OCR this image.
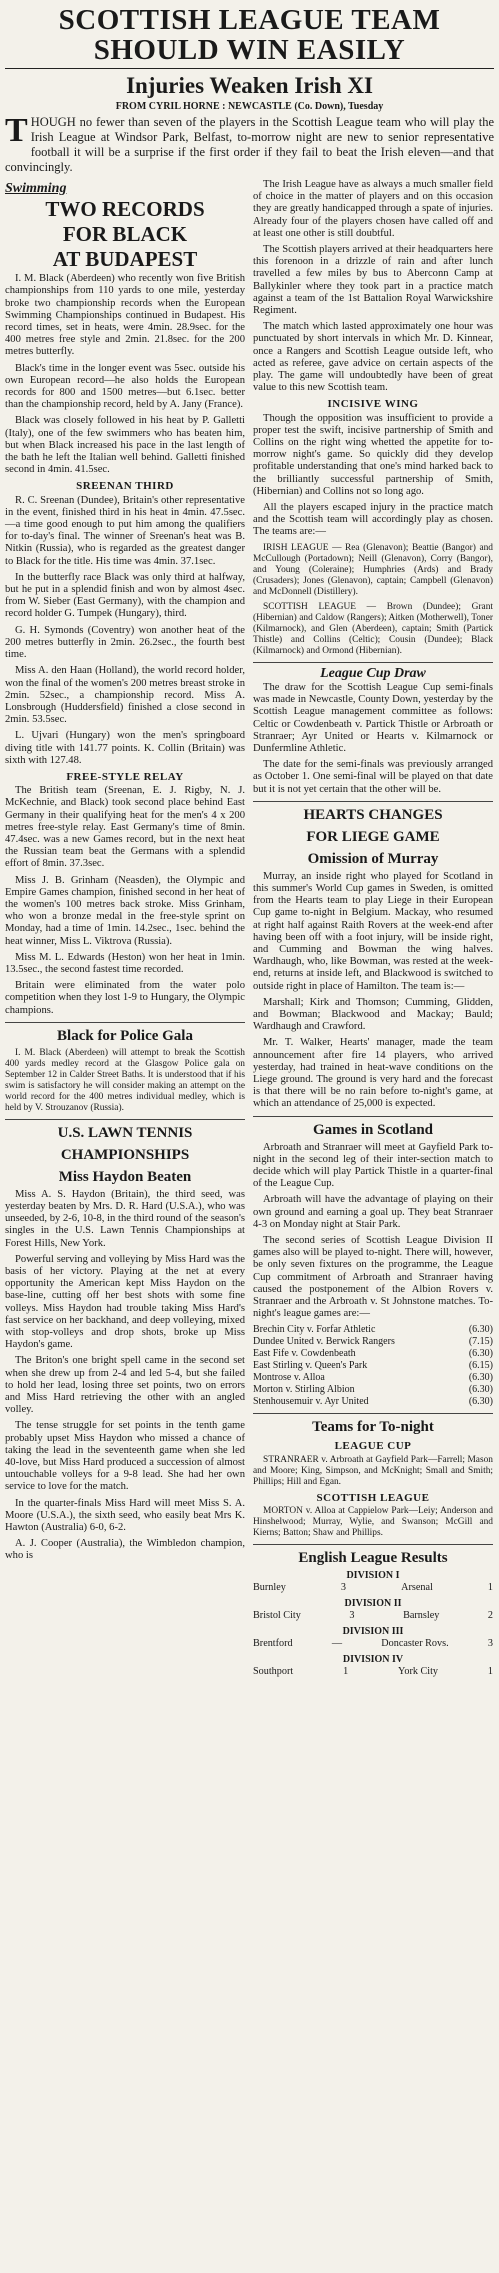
SCOTTISH LEAGUE TEAM
SHOULD WIN EASILY
Injuries Weaken Irish XI
FROM CYRIL HORNE : NEWCASTLE (Co. Down), Tuesday

THOUGH no fewer than seven of the players in the Scottish League team who will play the Irish League at Windsor Park, Belfast, to-morrow night are new to senior representative football it will be a surprise if the first order if they fail to beat the Irish eleven—and that convincingly.

Swimming
TWO RECORDS
FOR BLACK
AT BUDAPEST

I. M. Black (Aberdeen) who recently won five British championships from 110 yards to one mile, yesterday broke two championship records when the European Swimming Championships continued in Budapest. His record times, set in heats, were 4min. 28.9sec. for the 400 metres free style and 2min. 21.8sec. for the 200 metres butterfly.

Black's time in the longer event was 5sec. outside his own European record—he also holds the European records for 800 and 1500 metres—but 6.1sec. better than the championship record, held by A. Jany (France).

Black was closely followed in his heat by P. Galletti (Italy), one of the few swimmers who has beaten him, but when Black increased his pace in the last length of the bath he left the Italian well behind. Galletti finished second in 4min. 41.5sec.

SREENAN THIRD

R. C. Sreenan (Dundee), Britain's other representative in the event, finished third in his heat in 4min. 47.5sec.—a time good enough to put him among the qualifiers for to-day's final. The winner of Sreenan's heat was B. Nitkin (Russia), who is regarded as the greatest danger to Black for the title. His time was 4min. 37.1sec.

In the butterfly race Black was only third at halfway, but he put in a splendid finish and won by almost 4sec. from W. Sieber (East Germany), with the champion and record holder G. Tumpek (Hungary), third.

G. H. Symonds (Coventry) won another heat of the 200 metres butterfly in 2min. 26.2sec., the fourth best time.

Miss A. den Haan (Holland), the world record holder, won the final of the women's 200 metres breast stroke in 2min. 52sec., a championship record. Miss A. Lonsbrough (Huddersfield) finished a close second in 2min. 53.5sec.

L. Ujvari (Hungary) won the men's springboard diving title with 141.77 points. K. Collin (Britain) was sixth with 127.48.

FREE-STYLE RELAY

The British team (Sreenan, E. J. Rigby, N. J. McKechnie, and Black) took second place behind East Germany in their qualifying heat for the men's 4 x 200 metres free-style relay. East Germany's time of 8min. 47.4sec. was a new Games record, but in the next heat the Russian team beat the Germans with a splendid effort of 8min. 37.3sec.

Miss J. B. Grinham (Neasden), the Olympic and Empire Games champion, finished second in her heat of the women's 100 metres back stroke. Miss Grinham, who won a bronze medal in the free-style sprint on Monday, had a time of 1min. 14.2sec., 1sec. behind the heat winner, Miss L. Viktrova (Russia).

Miss M. L. Edwards (Heston) won her heat in 1min. 13.5sec., the second fastest time recorded.

Britain were eliminated from the water polo competition when they lost 1-9 to Hungary, the Olympic champions.

Black for Police Gala

I. M. Black (Aberdeen) will attempt to break the Scottish 400 yards medley record at the Glasgow Police gala on September 12 in Calder Street Baths. It is understood that if his swim is satisfactory he will consider making an attempt on the world record for the 400 metres individual medley, which is held by V. Strouzanov (Russia).

U.S. LAWN TENNIS
CHAMPIONSHIPS
Miss Haydon Beaten

Miss A. S. Haydon (Britain), the third seed, was yesterday beaten by Mrs. D. R. Hard (U.S.A.), who was unseeded, by 2-6, 10-8, in the third round of the season's singles in the U.S. Lawn Tennis Championships at Forest Hills, New York.

Powerful serving and volleying by Miss Hard was the basis of her victory. Playing at the net at every opportunity the American kept Miss Haydon on the base-line, cutting off her best shots with some fine volleys. Miss Haydon had trouble taking Miss Hard's fast service on her backhand, and deep volleying, mixed with stop-volleys and drop shots, broke up Miss Haydon's game.

The Briton's one bright spell came in the second set when she drew up from 2-4 and led 5-4, but she failed to hold her lead, losing three set points, two on errors and Miss Hard retrieving the other with an angled volley.

The tense struggle for set points in the tenth game probably upset Miss Haydon who missed a chance of taking the lead in the seventeenth game when she led 40-love, but Miss Hard produced a succession of almost untouchable volleys for a 9-8 lead. She had her own service to love for the match.

In the quarter-finals Miss Hard will meet Miss S. A. Moore (U.S.A.), the sixth seed, who easily beat Mrs K. Hawton (Australia) 6-0, 6-2.

A. J. Cooper (Australia), the Wimbledon champion, who is

The Irish League have as always a much smaller field of choice in the matter of players and on this occasion they are greatly handicapped through a spate of injuries. Already four of the players chosen have called off and at least one other is still doubtful.

The Scottish players arrived at their headquarters here this forenoon in a drizzle of rain and after lunch travelled a few miles by bus to Aberconn Camp at Ballykinler where they took part in a practice match against a team of the 1st Battalion Royal Warwickshire Regiment.

The match which lasted approximately one hour was punctuated by short intervals in which Mr. D. Kinnear, once a Rangers and Scottish League outside left, who acted as referee, gave advice on certain aspects of the play. The game will undoubtedly have been of great value to this new Scottish team.

INCISIVE WING

Though the opposition was insufficient to provide a proper test the swift, incisive partnership of Smith and Collins on the right wing whetted the appetite for to-morrow night's game. So quickly did they develop profitable understanding that one's mind harked back to the brilliantly successful partnership of Smith, (Hibernian) and Collins not so long ago.

All the players escaped injury in the practice match and the Scottish team will accordingly play as chosen. The teams are:—

IRISH LEAGUE — Rea (Glenavon); Beattie (Bangor) and McCullough (Portadown); Neill (Glenavon), Corry (Bangor), and Young (Coleraine); Humphries (Ards) and Brady (Crusaders); Jones (Glenavon), captain; Campbell (Glenavon) and McDonnell (Distillery).

SCOTTISH LEAGUE — Brown (Dundee); Grant (Hibernian) and Caldow (Rangers); Aitken (Motherwell), Toner (Kilmarnock), and Glen (Aberdeen), captain; Smith (Partick Thistle) and Collins (Celtic); Cousin (Dundee); Black (Kilmarnock) and Ormond (Hibernian).

League Cup Draw

The draw for the Scottish League Cup semi-finals was made in Newcastle, County Down, yesterday by the Scottish League management committee as follows: Celtic or Cowdenbeath v. Partick Thistle or Arbroath or Stranraer; Ayr United or Hearts v. Kilmarnock or Dunfermline Athletic.

The date for the semi-finals was previously arranged as October 1. One semi-final will be played on that date but it is not yet certain that the other will be.

HEARTS CHANGES
FOR LIEGE GAME
Omission of Murray

Murray, an inside right who played for Scotland in this summer's World Cup games in Sweden, is omitted from the Hearts team to play Liege in their European Cup game to-night in Belgium. Mackay, who resumed at right half against Raith Rovers at the week-end after having been off with a foot injury, will be inside right, and Cumming and Bowman the wing halves. Wardhaugh, who, like Bowman, was rested at the week-end, returns at inside left, and Blackwood is switched to outside right in place of Hamilton. The team is:—

Marshall; Kirk and Thomson; Cumming, Glidden, and Bowman; Blackwood and Mackay; Bauld; Wardhaugh and Crawford.

Mr. T. Walker, Hearts' manager, made the team announcement after fire 14 players, who arrived yesterday, had trained in heat-wave conditions on the Liege ground. The ground is very hard and the forecast is that there will be no rain before to-night's game, at which an attendance of 25,000 is expected.

Games in Scotland

Arbroath and Stranraer will meet at Gayfield Park to-night in the second leg of their inter-section match to decide which will play Partick Thistle in a quarter-final of the League Cup.

Arbroath will have the advantage of playing on their own ground and earning a goal up. They beat Stranraer 4-3 on Monday night at Stair Park.

The second series of Scottish League Division II games also will be played to-night. There will, however, be only seven fixtures on the programme, the League Cup commitment of Arbroath and Stranraer having caused the postponement of the Albion Rovers v. Stranraer and the Arbroath v. St Johnstone matches. To-night's league games are:—

Brechin City v. Forfar Athletic	(6.30)
Dundee United v. Berwick Rangers	(7.15)
East Fife v. Cowdenbeath	(6.30)
East Stirling v. Queen's Park	(6.15)
Montrose v. Alloa	(6.30)
Morton v. Stirling Albion	(6.30)
Stenhousemuir v. Ayr United	(6.30)
Teams for To-night
LEAGUE CUP

STRANRAER v. Arbroath at Gayfield Park—Farrell; Mason and Moore; King, Simpson, and McKnight; Small and Smith; Phillips; Hill and Egan.

SCOTTISH LEAGUE

MORTON v. Alloa at Cappielow Park—Leiy; Anderson and Hinshelwood; Murray, Wylie, and Swanson; McGill and Kierns; Batton; Shaw and Phillips.

English League Results
DIVISION I
Burnley	3	Arsenal	1
DIVISION II
Bristol City	3	Barnsley	2
DIVISION III
Brentford	—	Doncaster Rovs.	3
DIVISION IV
Southport	1	York City	1
